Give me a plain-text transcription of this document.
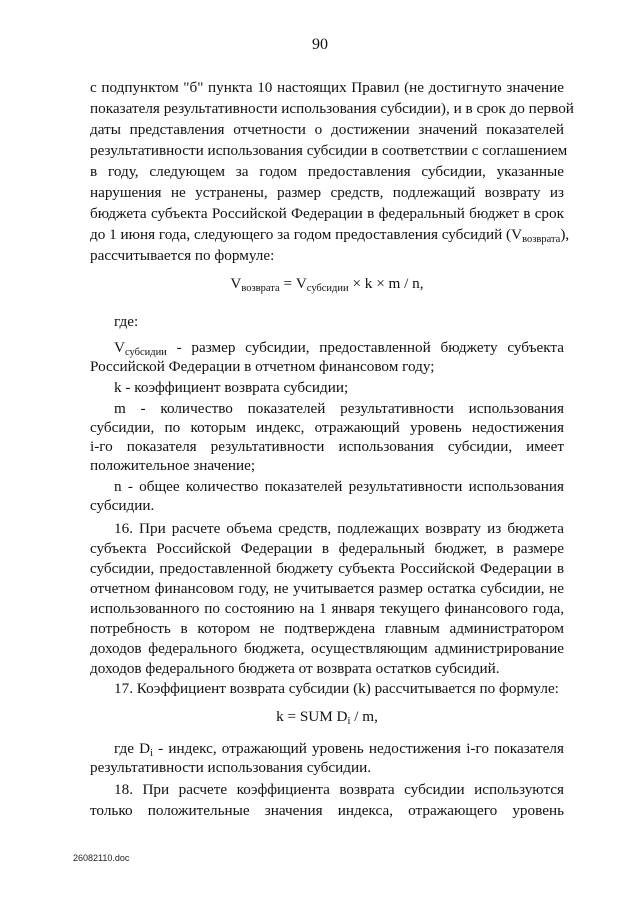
90
с подпунктом "б" пункта 10 настоящих Правил (не достигнуто значение
показателя результативности использования субсидии), и в срок до первой
даты представления отчетности о достижении значений показателей
результативности использования субсидии в соответствии с соглашением
в году, следующем за годом предоставления субсидии, указанные
нарушения не устранены, размер средств, подлежащий возврату из
бюджета субъекта Российской Федерации в федеральный бюджет в срок
до 1 июня года, следующего за годом предоставления субсидий $(V_{возврата})$,
рассчитывается по формуле:
$V_{возврата} = V_{субсидии} \times k \times m / n$,
где:
$V_{субсидии}$ - размер субсидии, предоставленной бюджету субъекта
Российской Федерации в отчетном финансовом году;
k - коэффициент возврата субсидии;
m - количество показателей результативности использования
субсидии, по которым индекс, отражающий уровень недостижения
i-го показателя результативности использования субсидии, имеет
положительное значение;
n - общее количество показателей результативности использования
субсидии.
16. При расчете объема средств, подлежащих возврату из бюджета
субъекта Российской Федерации в федеральный бюджет, в размере
субсидии, предоставленной бюджету субъекта Российской Федерации в
отчетном финансовом году, не учитывается размер остатка субсидии, не
использованного по состоянию на 1 января текущего финансового года,
потребность в котором не подтверждена главным администратором
доходов федерального бюджета, осуществляющим администрирование
доходов федерального бюджета от возврата остатков субсидий.
17. Коэффициент возврата субсидии (k) рассчитывается по формуле:
k = SUM $D_i$ / m,
где $D_i$ - индекс, отражающий уровень недостижения i-го показателя
результативности использования субсидии.
18. При расчете коэффициента возврата субсидии используются
только положительные значения индекса, отражающего уровень
26082110.doc
